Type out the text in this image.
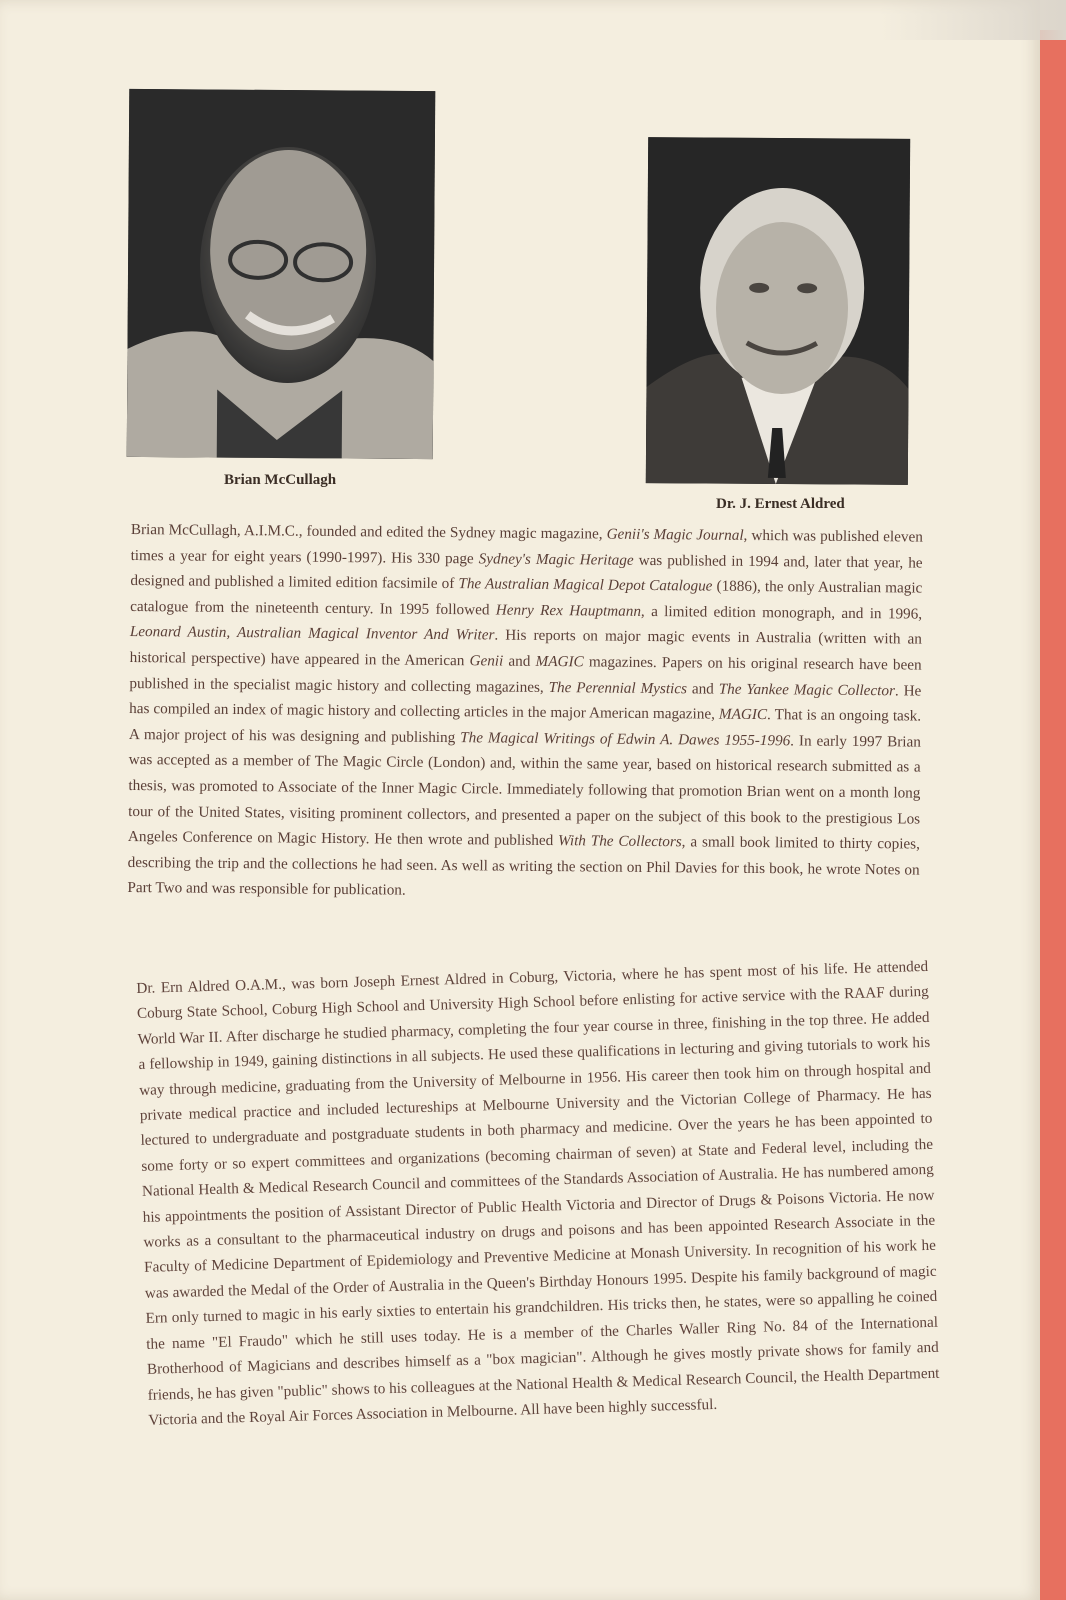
Brian McCullagh
Dr. J. Ernest Aldred
Brian McCullagh, A.I.M.C., founded and edited the Sydney magic magazine, Genii's Magic Journal, which was published eleven times a year for eight years (1990-1997). His 330 page Sydney's Magic Heritage was published in 1994 and, later that year, he designed and published a limited edition facsimile of The Australian Magical Depot Catalogue (1886), the only Australian magic catalogue from the nineteenth century. In 1995 followed Henry Rex Hauptmann, a limited edition monograph, and in 1996, Leonard Austin, Australian Magical Inventor And Writer. His reports on major magic events in Australia (written with an historical perspective) have appeared in the American Genii and MAGIC magazines. Papers on his original research have been published in the specialist magic history and collecting magazines, The Perennial Mystics and The Yankee Magic Collector. He has compiled an index of magic history and collecting articles in the major American magazine, MAGIC. That is an ongoing task. A major project of his was designing and publishing The Magical Writings of Edwin A. Dawes 1955-1996. In early 1997 Brian was accepted as a member of The Magic Circle (London) and, within the same year, based on historical research submitted as a thesis, was promoted to Associate of the Inner Magic Circle. Immediately following that promotion Brian went on a month long tour of the United States, visiting prominent collectors, and presented a paper on the subject of this book to the prestigious Los Angeles Conference on Magic History. He then wrote and published With The Collectors, a small book limited to thirty copies, describing the trip and the collections he had seen. As well as writing the section on Phil Davies for this book, he wrote Notes on Part Two and was responsible for publication.
Dr. Ern Aldred O.A.M., was born Joseph Ernest Aldred in Coburg, Victoria, where he has spent most of his life. He attended Coburg State School, Coburg High School and University High School before enlisting for active service with the RAAF during World War II. After discharge he studied pharmacy, completing the four year course in three, finishing in the top three. He added a fellowship in 1949, gaining distinctions in all subjects. He used these qualifications in lecturing and giving tutorials to work his way through medicine, graduating from the University of Melbourne in 1956. His career then took him on through hospital and private medical practice and included lectureships at Melbourne University and the Victorian College of Pharmacy. He has lectured to undergraduate and postgraduate students in both pharmacy and medicine. Over the years he has been appointed to some forty or so expert committees and organizations (becoming chairman of seven) at State and Federal level, including the National Health & Medical Research Council and committees of the Standards Association of Australia. He has numbered among his appointments the position of Assistant Director of Public Health Victoria and Director of Drugs & Poisons Victoria. He now works as a consultant to the pharmaceutical industry on drugs and poisons and has been appointed Research Associate in the Faculty of Medicine Department of Epidemiology and Preventive Medicine at Monash University. In recognition of his work he was awarded the Medal of the Order of Australia in the Queen's Birthday Honours 1995. Despite his family background of magic Ern only turned to magic in his early sixties to entertain his grandchildren. His tricks then, he states, were so appalling he coined the name "El Fraudo" which he still uses today. He is a member of the Charles Waller Ring No. 84 of the International Brotherhood of Magicians and describes himself as a "box magician". Although he gives mostly private shows for family and friends, he has given "public" shows to his colleagues at the National Health & Medical Research Council, the Health Department Victoria and the Royal Air Forces Association in Melbourne. All have been highly successful.
